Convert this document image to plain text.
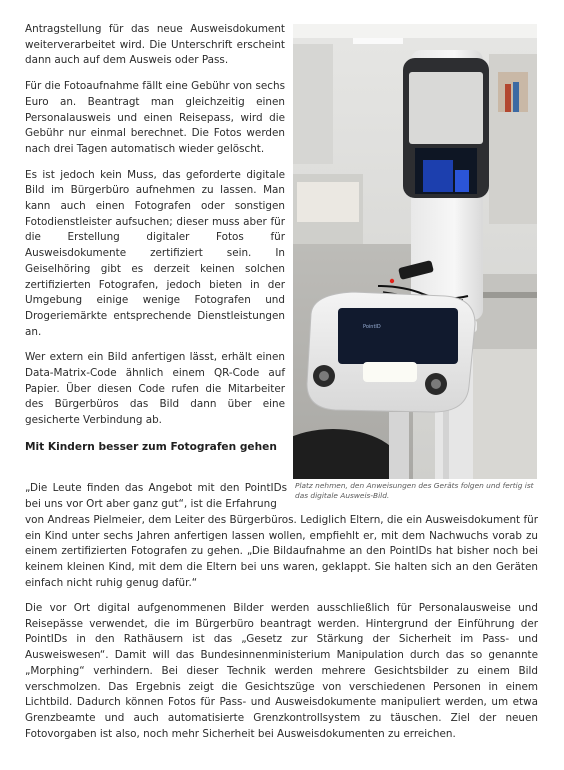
Antragstellung für das neue Ausweisdokument weiterverarbeitet wird. Die Unterschrift erscheint dann auch auf dem Ausweis oder Pass.

Für die Fotoaufnahme fällt eine Gebühr von sechs Euro an. Beantragt man gleichzeitig einen Personalausweis und einen Reisepass, wird die Gebühr nur einmal berechnet. Die Fotos werden nach drei Tagen automatisch wieder gelöscht.

Es ist jedoch kein Muss, das geforderte digitale Bild im Bürgerbüro aufnehmen zu lassen. Man kann auch einen Fotografen oder sonstigen Fotodienstleister aufsuchen; dieser muss aber für die Erstellung digitaler Fotos für Ausweisdokumente zertifiziert sein. In Geiselhöring gibt es derzeit keinen solchen zertifizierten Fotografen, jedoch bieten in der Umgebung einige wenige Fotografen und Drogeriemärkte entsprechende Dienstleistungen an.

Wer extern ein Bild anfertigen lässt, erhält einen Data-Matrix-Code ähnlich einem QR-Code auf Papier. Über diesen Code rufen die Mitarbeiter des Bürgerbüros das Bild dann über eine gesicherte Verbindung ab.

Mit Kindern besser zum Fotografen gehen
PointID
Platz nehmen, den Anweisungen des Geräts folgen und fertig ist das digitale Ausweis-Bild.

„Die Leute finden das Angebot mit den PointIDs bei uns vor Ort aber ganz gut“, ist die Erfahrung

von Andreas Pielmeier, dem Leiter des Bürgerbüros. Lediglich Eltern, die ein Ausweisdokument für ein Kind unter sechs Jahren anfertigen lassen wollen, empfiehlt er, mit dem Nachwuchs vorab zu einem zertifizierten Fotografen zu gehen. „Die Bildaufnahme an den PointIDs hat bisher noch bei keinem kleinen Kind, mit dem die Eltern bei uns waren, geklappt. Sie halten sich an den Geräten einfach nicht ruhig genug dafür.“

Die vor Ort digital aufgenommenen Bilder werden ausschließlich für Personalausweise und Reisepässe verwendet, die im Bürgerbüro beantragt werden. Hintergrund der Einführung der PointIDs in den Rathäusern ist das „Gesetz zur Stärkung der Sicherheit im Pass- und Ausweiswesen“. Damit will das Bundesinnenministerium Manipulation durch das so genannte „Morphing“ verhindern. Bei dieser Technik werden mehrere Gesichtsbilder zu einem Bild verschmolzen. Das Ergebnis zeigt die Gesichtszüge von verschiedenen Personen in einem Lichtbild. Dadurch können Fotos für Pass- und Ausweisdokumente manipuliert werden, um etwa Grenzbeamte und auch automatisierte Grenzkontrollsystem zu täuschen. Ziel der neuen Fotovorgaben ist also, noch mehr Sicherheit bei Ausweisdokumenten zu erreichen.
